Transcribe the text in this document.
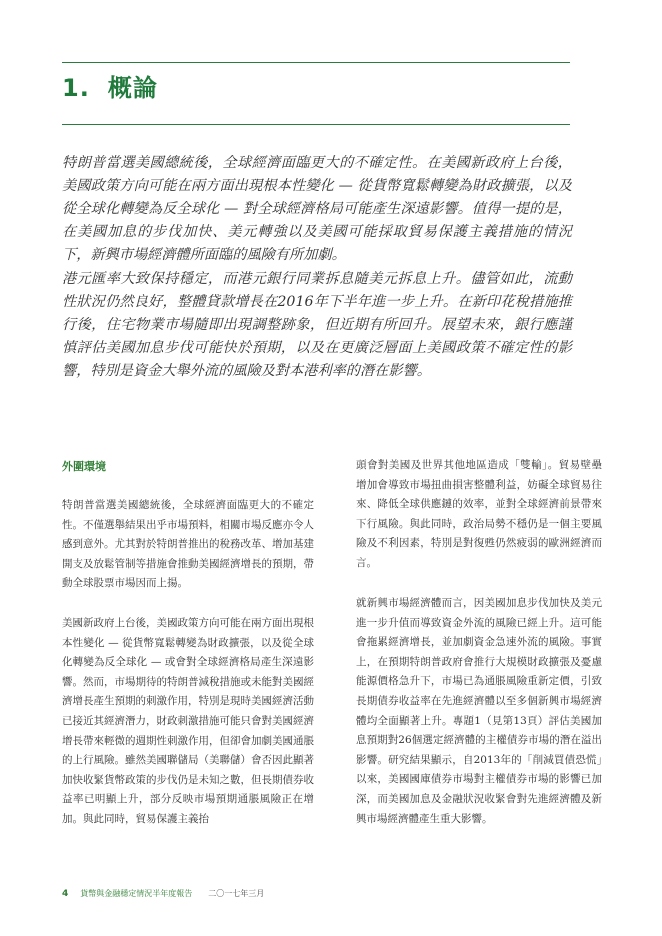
1. 概論

特朗普當選美國總統後，全球經濟面臨更大的不確定性。在美國新政府上台後，美國政策方向可能在兩方面出現根本性變化 — 從貨幣寬鬆轉變為財政擴張，以及從全球化轉變為反全球化 — 對全球經濟格局可能產生深遠影響。值得一提的是，在美國加息的步伐加快、美元轉強以及美國可能採取貿易保護主義措施的情況下，新興市場經濟體所面臨的風險有所加劇。

港元匯率大致保持穩定，而港元銀行同業拆息隨美元拆息上升。儘管如此，流動性狀況仍然良好，整體貸款增長在2016年下半年進一步上升。在新印花稅措施推行後，住宅物業市場隨即出現調整跡象，但近期有所回升。展望未來，銀行應謹慎評估美國加息步伐可能快於預期，以及在更廣泛層面上美國政策不確定性的影響，特別是資金大舉外流的風險及對本港利率的潛在影響。

外圍環境

特朗普當選美國總統後，全球經濟面臨更大的不確定性。不僅選舉結果出乎市場預料，相關市場反應亦令人感到意外。尤其對於特朗普推出的稅務改革、增加基建開支及放鬆管制等措施會推動美國經濟增長的預期，帶動全球股票市場因而上揚。

美國新政府上台後，美國政策方向可能在兩方面出現根本性變化 — 從貨幣寬鬆轉變為財政擴張，以及從全球化轉變為反全球化 — 或會對全球經濟格局產生深遠影響。然而，市場期待的特朗普減稅措施或未能對美國經濟增長產生預期的刺激作用，特別是現時美國經濟活動已接近其經濟潛力，財政刺激措施可能只會對美國經濟增長帶來輕微的週期性刺激作用，但卻會加劇美國通脹的上行風險。雖然美國聯儲局（美聯儲）會否因此顯著加快收緊貨幣政策的步伐仍是未知之數，但長期債券收益率已明顯上升，部分反映市場預期通脹風險正在增加。與此同時，貿易保護主義抬

頭會對美國及世界其他地區造成「雙輸」。貿易壁壘增加會導致市場扭曲損害整體利益，妨礙全球貿易往來、降低全球供應鏈的效率，並對全球經濟前景帶來下行風險。與此同時，政治局勢不穩仍是一個主要風險及不利因素，特別是對復甦仍然疲弱的歐洲經濟而言。

就新興市場經濟體而言，因美國加息步伐加快及美元進一步升值而導致資金外流的風險已經上升。這可能會拖累經濟增長，並加劇資金急速外流的風險。事實上，在預期特朗普政府會推行大規模財政擴張及憂慮能源價格急升下，市場已為通脹風險重新定價，引致長期債券收益率在先進經濟體以至多個新興市場經濟體均全面顯著上升。專題1（見第13頁）評估美國加息預期對26個選定經濟體的主權債券市場的潛在溢出影響。研究結果顯示，自2013年的「削減買債恐慌」以來，美國國庫債券市場對主權債券市場的影響已加深，而美國加息及金融狀況收緊會對先進經濟體及新興市場經濟體產生重大影響。

4 貨幣與金融穩定情況半年度報告 二〇一七年三月
